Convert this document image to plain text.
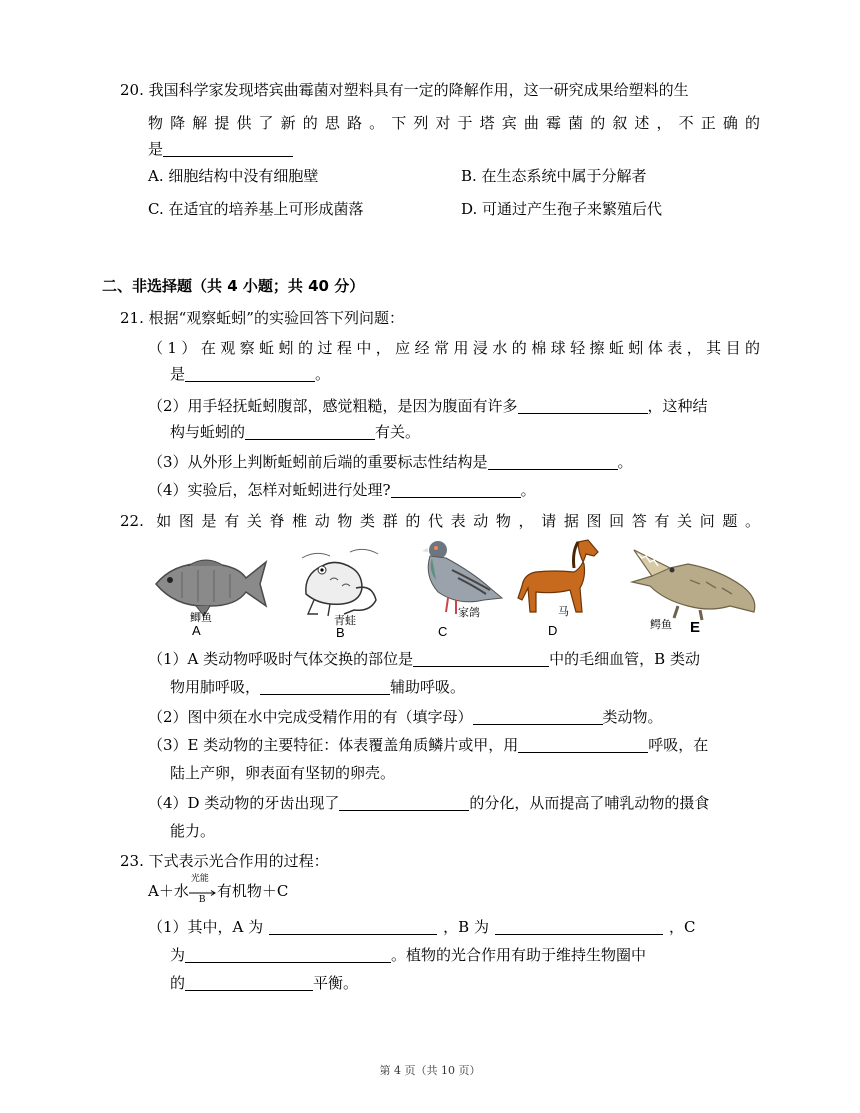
20. 我国科学家发现塔宾曲霉菌对塑料具有一定的降解作用，这一研究成果给塑料的生
物降解提供了新的思路。下列对于塔宾曲霉菌的叙述，不正确的
是
A. 细胞结构中没有细胞壁	B. 在生态系统中属于分解者
C. 在适宜的培养基上可形成菌落	D. 可通过产生孢子来繁殖后代
二、非选择题（共 4 小题；共 40 分）
21. 根据“观察蚯蚓”的实验回答下列问题：
（1）在观察蚯蚓的过程中，应经常用浸水的棉球轻擦蚯蚓体表，其目的
是	。
（2）用手轻抚蚯蚓腹部，感觉粗糙，是因为腹面有许多	，这种结
构与蚯蚓的	有关。
（3）从外形上判断蚯蚓前后端的重要标志性结构是	。
（4）实验后，怎样对蚯蚓进行处理?	。
22. 如图是有关脊椎动物类群的代表动物，请据图回答有关问题。
鲫鱼
A
青蛙
B
家鸽
C
马
D	鳄鱼 E
（1）A 类动物呼吸时气体交换的部位是	中的毛细血管，B 类动
物用肺呼吸，	辅助呼吸。
（2）图中须在水中完成受精作用的有（填字母）	类动物。
（3）E 类动物的主要特征：体表覆盖角质鳞片或甲，用	呼吸，在
陆上产卵，卵表面有坚韧的卵壳。
（4）D 类动物的牙齿出现了	的分化，从而提高了哺乳动物的摄食
能力。
23. 下式表示光合作用的过程：
A＋水
光能
B 有机物＋C
（1）其中，A 为	，B 为	，C
为	。植物的光合作用有助于维持生物圈中
的	平衡。
第 4 页（共 10 页）
